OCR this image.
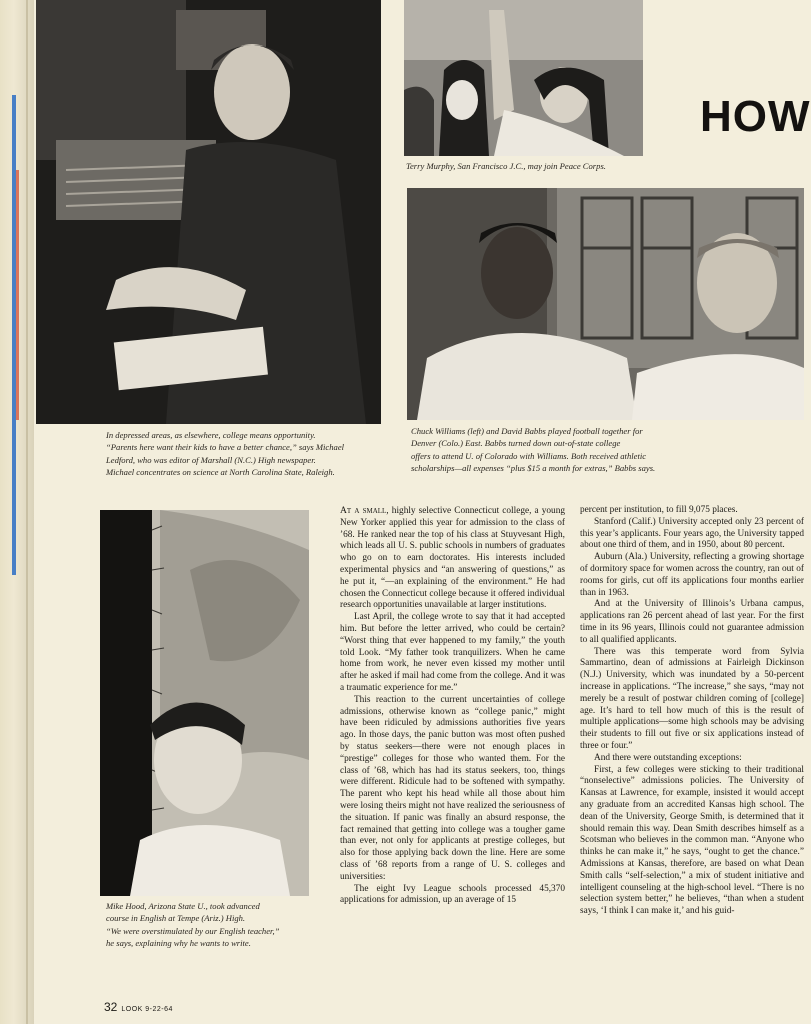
HOW

Terry Murphy, San Francisco J.C., may join Peace Corps.

In depressed areas, as elsewhere, college means opportunity.

“Parents here want their kids to have a better chance,” says Michael

Ledford, who was editor of Marshall (N.C.) High newspaper.

Michael concentrates on science at North Carolina State, Raleigh.

Chuck Williams (left) and David Babbs played football together for

Denver (Colo.) East. Babbs turned down out-of-state college

offers to attend U. of Colorado with Williams. Both received athletic

scholarships—all expenses “plus $15 a month for extras,” Babbs says.

Mike Hood, Arizona State U., took advanced

course in English at Tempe (Ariz.) High.

“We were overstimulated by our English teacher,”

he says, explaining why he wants to write.

At a small, highly selective Connecticut college, a young New Yorker applied this year for admission to the class of ’68. He ranked near the top of his class at Stuyvesant High, which leads all U. S. public schools in numbers of graduates who go on to earn doctorates. His interests included experimental physics and “an answering of questions,” as he put it, “—an explaining of the environment.” He had chosen the Connecticut college because it offered individual research opportunities unavailable at larger institutions.

Last April, the college wrote to say that it had accepted him. But before the letter arrived, who could be certain? “Worst thing that ever happened to my family,” the youth told Look. “My father took tranquilizers. When he came home from work, he never even kissed my mother until after he asked if mail had come from the college. And it was a traumatic experience for me.”

This reaction to the current uncertainties of college admissions, otherwise known as “college panic,” might have been ridiculed by admissions authorities five years ago. In those days, the panic button was most often pushed by status seekers—there were not enough places in “prestige” colleges for those who wanted them. For the class of ’68, which has had its status seekers, too, things were different. Ridicule had to be softened with sympathy. The parent who kept his head while all those about him were losing theirs might not have realized the seriousness of the situation. If panic was finally an absurd response, the fact remained that getting into college was a tougher game than ever, not only for applicants at prestige colleges, but also for those applying back down the line. Here are some class of ’68 reports from a range of U. S. colleges and universities:

The eight Ivy League schools processed 45,370 applications for admission, up an average of 15

percent per institution, to fill 9,075 places.

Stanford (Calif.) University accepted only 23 percent of this year’s applicants. Four years ago, the University tapped about one third of them, and in 1950, about 80 percent.

Auburn (Ala.) University, reflecting a growing shortage of dormitory space for women across the country, ran out of rooms for girls, cut off its applications four months earlier than in 1963.

And at the University of Illinois’s Urbana campus, applications ran 26 percent ahead of last year. For the first time in its 96 years, Illinois could not guarantee admission to all qualified applicants.

There was this temperate word from Sylvia Sammartino, dean of admissions at Fairleigh Dickinson (N.J.) University, which was inundated by a 50-percent increase in applications. “The increase,” she says, “may not merely be a result of postwar children coming of [college] age. It’s hard to tell how much of this is the result of multiple applications—some high schools may be advising their students to fill out five or six applications instead of three or four.”

And there were outstanding exceptions:

First, a few colleges were sticking to their traditional “nonselective” admissions policies. The University of Kansas at Lawrence, for example, insisted it would accept any graduate from an accredited Kansas high school. The dean of the University, George Smith, is determined that it should remain this way. Dean Smith describes himself as a Scotsman who believes in the common man. “Anyone who thinks he can make it,” he says, “ought to get the chance.” Admissions at Kansas, therefore, are based on what Dean Smith calls “self-selection,” a mix of student initiative and intelligent counseling at the high-school level. “There is no selection system better,” he believes, “than when a student says, ‘I think I can make it,’ and his guid-

32 LOOK 9-22-64
